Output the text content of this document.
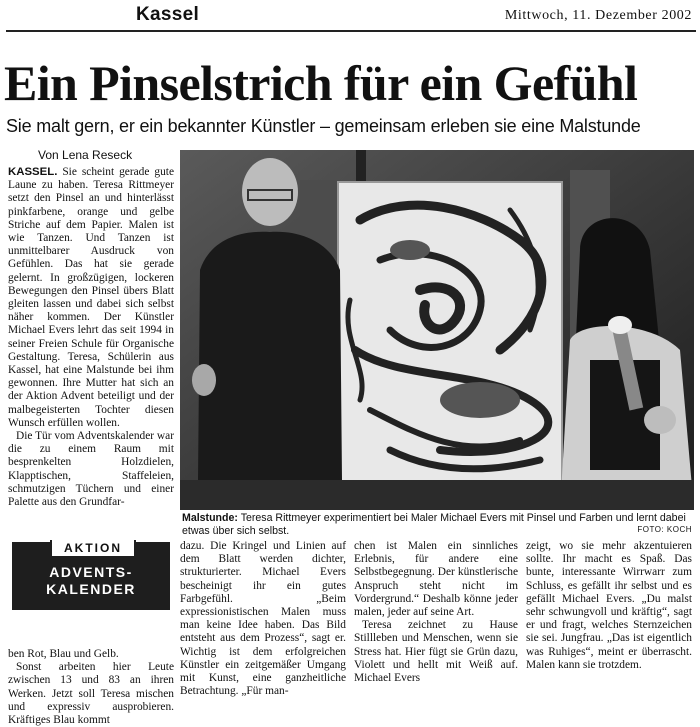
Kassel	Mittwoch, 11. Dezember 2002
Ein Pinselstrich für ein Gefühl
Sie malt gern, er ein bekannter Künstler – gemeinsam erleben sie eine Malstunde
Von Lena Reseck

KASSEL. Sie scheint gerade gute Laune zu haben. Teresa Rittmeyer setzt den Pinsel an und hinterlässt pinkfarbene, orange und gelbe Striche auf dem Papier. Malen ist wie Tanzen. Und Tanzen ist unmittelbarer Ausdruck von Gefühlen. Das hat sie gerade gelernt. In großzügigen, lockeren Bewegungen den Pinsel übers Blatt gleiten lassen und dabei sich selbst näher kommen. Der Künstler Michael Evers lehrt das seit 1994 in seiner Freien Schule für Organische Gestaltung. Teresa, Schülerin aus Kassel, hat eine Malstunde bei ihm gewonnen. Ihre Mutter hat sich an der Aktion Advent beteiligt und der malbegeisterten Tochter diesen Wunsch erfüllen wollen.

Die Tür vom Adventskalender war die zu einem Raum mit besprenkelten Holzdielen, Klapptischen, Staffeleien, schmutzigen Tüchern und einer Palette aus den Grundfar-

AKTION
ADVENTS-
KALENDER

ben Rot, Blau und Gelb.

Sonst arbeiten hier Leute zwischen 13 und 83 an ihren Werken. Jetzt soll Teresa mischen und expressiv ausprobieren. Kräftiges Blau kommt

Malstunde: Teresa Rittmeyer experimentiert bei Maler Michael Evers mit Pinsel und Farben und lernt dabei etwas über sich selbst.	FOTO: KOCH

dazu. Die Kringel und Linien auf dem Blatt werden dichter, strukturierter. Michael Evers bescheinigt ihr ein gutes Farbgefühl. „Beim expressionistischen Malen muss man keine Idee haben. Das Bild entsteht aus dem Prozess“, sagt er. Wichtig ist dem erfolgreichen Künstler ein zeitgemäßer Umgang mit Kunst, eine ganzheitliche Betrachtung. „Für man-

chen ist Malen ein sinnliches Erlebnis, für andere eine Selbstbegegnung. Der künstlerische Anspruch steht nicht im Vordergrund.“ Deshalb könne jeder malen, jeder auf seine Art.

Teresa zeichnet zu Hause Stillleben und Menschen, wenn sie Stress hat. Hier fügt sie Grün dazu, Violett und hellt mit Weiß auf. Michael Evers

zeigt, wo sie mehr akzentuieren sollte. Ihr macht es Spaß. Das bunte, interessante Wirrwarr zum Schluss, es gefällt ihr selbst und es gefällt Michael Evers. „Du malst sehr schwungvoll und kräftig“, sagt er und fragt, welches Sternzeichen sie sei. Jungfrau. „Das ist eigentlich was Ruhiges“, meint er überrascht. Malen kann sie trotzdem.
